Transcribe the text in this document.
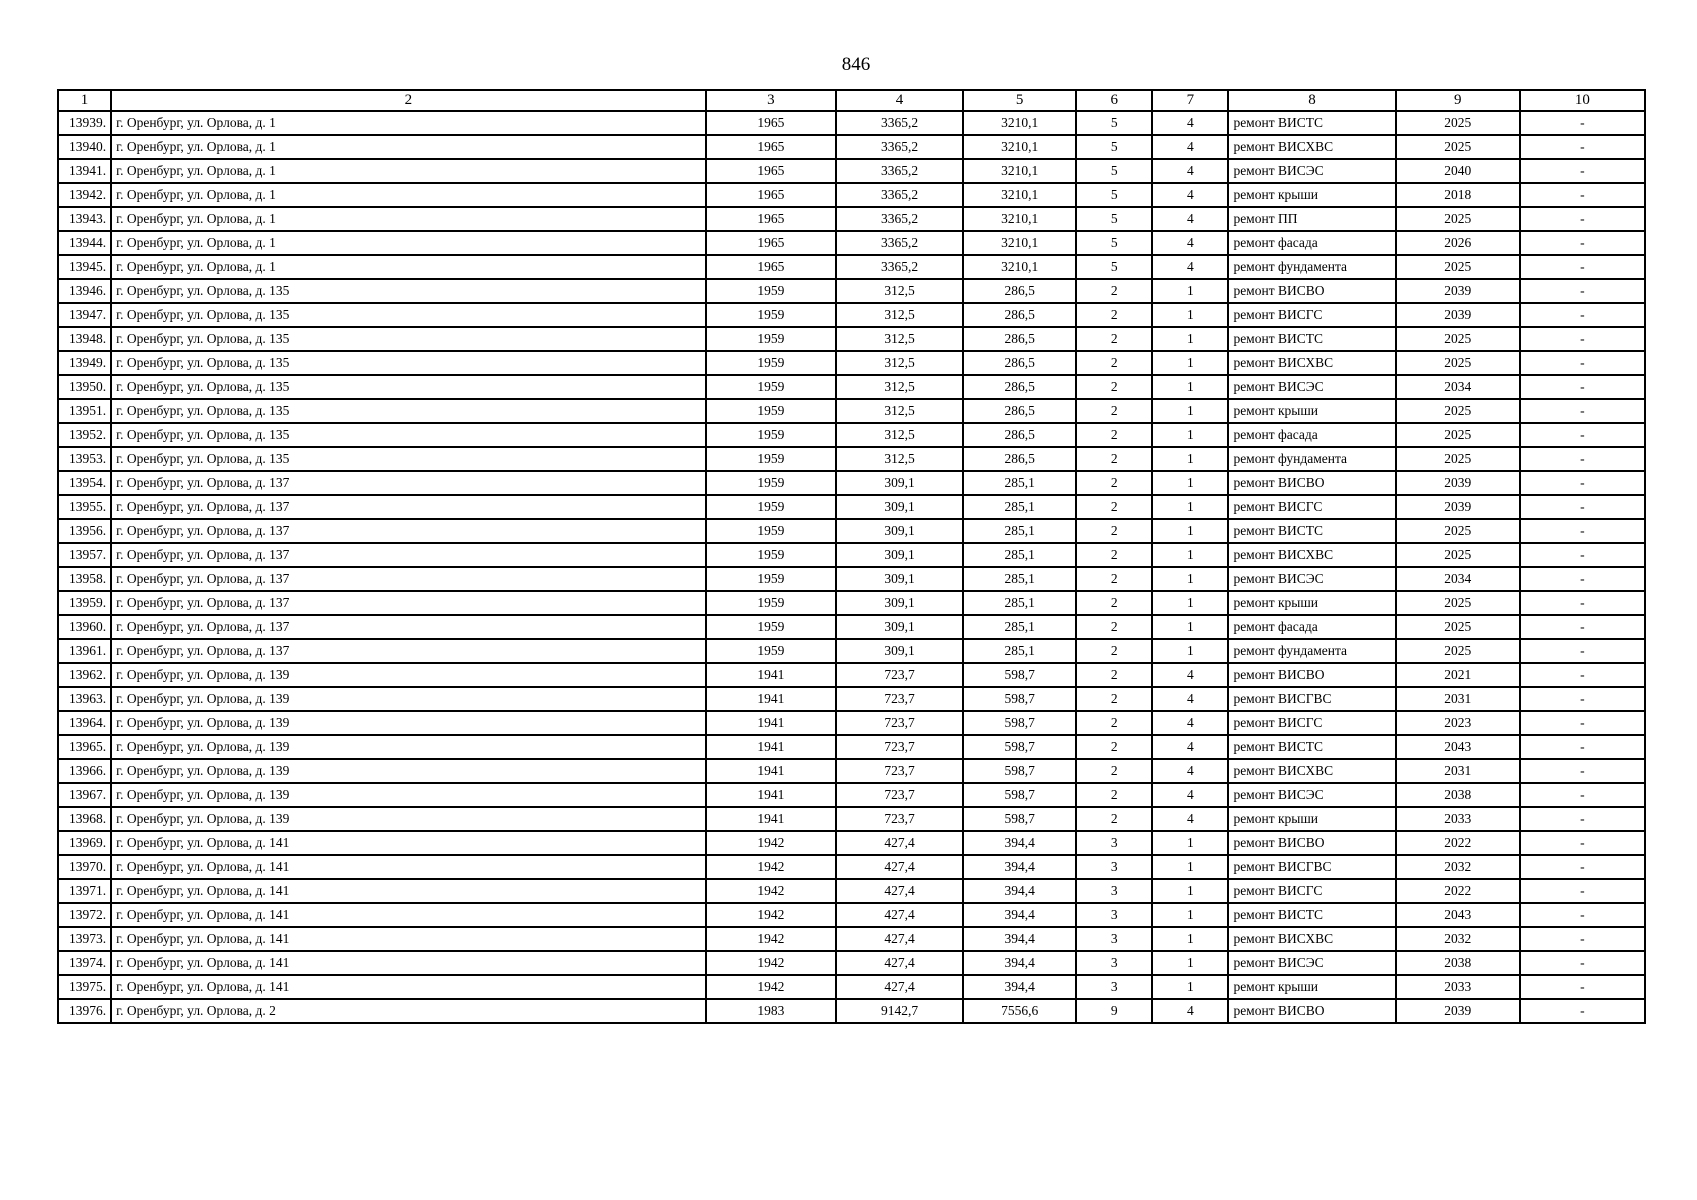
846
1	2	3	4	5	6	7	8	9	10
13939.	г. Оренбург, ул. Орлова, д. 1	1965	3365,2	3210,1	5	4	ремонт ВИСТС	2025	-
13940.	г. Оренбург, ул. Орлова, д. 1	1965	3365,2	3210,1	5	4	ремонт ВИСХВС	2025	-
13941.	г. Оренбург, ул. Орлова, д. 1	1965	3365,2	3210,1	5	4	ремонт ВИСЭС	2040	-
13942.	г. Оренбург, ул. Орлова, д. 1	1965	3365,2	3210,1	5	4	ремонт крыши	2018	-
13943.	г. Оренбург, ул. Орлова, д. 1	1965	3365,2	3210,1	5	4	ремонт ПП	2025	-
13944.	г. Оренбург, ул. Орлова, д. 1	1965	3365,2	3210,1	5	4	ремонт фасада	2026	-
13945.	г. Оренбург, ул. Орлова, д. 1	1965	3365,2	3210,1	5	4	ремонт фундамента	2025	-
13946.	г. Оренбург, ул. Орлова, д. 135	1959	312,5	286,5	2	1	ремонт ВИСВО	2039	-
13947.	г. Оренбург, ул. Орлова, д. 135	1959	312,5	286,5	2	1	ремонт ВИСГС	2039	-
13948.	г. Оренбург, ул. Орлова, д. 135	1959	312,5	286,5	2	1	ремонт ВИСТС	2025	-
13949.	г. Оренбург, ул. Орлова, д. 135	1959	312,5	286,5	2	1	ремонт ВИСХВС	2025	-
13950.	г. Оренбург, ул. Орлова, д. 135	1959	312,5	286,5	2	1	ремонт ВИСЭС	2034	-
13951.	г. Оренбург, ул. Орлова, д. 135	1959	312,5	286,5	2	1	ремонт крыши	2025	-
13952.	г. Оренбург, ул. Орлова, д. 135	1959	312,5	286,5	2	1	ремонт фасада	2025	-
13953.	г. Оренбург, ул. Орлова, д. 135	1959	312,5	286,5	2	1	ремонт фундамента	2025	-
13954.	г. Оренбург, ул. Орлова, д. 137	1959	309,1	285,1	2	1	ремонт ВИСВО	2039	-
13955.	г. Оренбург, ул. Орлова, д. 137	1959	309,1	285,1	2	1	ремонт ВИСГС	2039	-
13956.	г. Оренбург, ул. Орлова, д. 137	1959	309,1	285,1	2	1	ремонт ВИСТС	2025	-
13957.	г. Оренбург, ул. Орлова, д. 137	1959	309,1	285,1	2	1	ремонт ВИСХВС	2025	-
13958.	г. Оренбург, ул. Орлова, д. 137	1959	309,1	285,1	2	1	ремонт ВИСЭС	2034	-
13959.	г. Оренбург, ул. Орлова, д. 137	1959	309,1	285,1	2	1	ремонт крыши	2025	-
13960.	г. Оренбург, ул. Орлова, д. 137	1959	309,1	285,1	2	1	ремонт фасада	2025	-
13961.	г. Оренбург, ул. Орлова, д. 137	1959	309,1	285,1	2	1	ремонт фундамента	2025	-
13962.	г. Оренбург, ул. Орлова, д. 139	1941	723,7	598,7	2	4	ремонт ВИСВО	2021	-
13963.	г. Оренбург, ул. Орлова, д. 139	1941	723,7	598,7	2	4	ремонт ВИСГВС	2031	-
13964.	г. Оренбург, ул. Орлова, д. 139	1941	723,7	598,7	2	4	ремонт ВИСГС	2023	-
13965.	г. Оренбург, ул. Орлова, д. 139	1941	723,7	598,7	2	4	ремонт ВИСТС	2043	-
13966.	г. Оренбург, ул. Орлова, д. 139	1941	723,7	598,7	2	4	ремонт ВИСХВС	2031	-
13967.	г. Оренбург, ул. Орлова, д. 139	1941	723,7	598,7	2	4	ремонт ВИСЭС	2038	-
13968.	г. Оренбург, ул. Орлова, д. 139	1941	723,7	598,7	2	4	ремонт крыши	2033	-
13969.	г. Оренбург, ул. Орлова, д. 141	1942	427,4	394,4	3	1	ремонт ВИСВО	2022	-
13970.	г. Оренбург, ул. Орлова, д. 141	1942	427,4	394,4	3	1	ремонт ВИСГВС	2032	-
13971.	г. Оренбург, ул. Орлова, д. 141	1942	427,4	394,4	3	1	ремонт ВИСГС	2022	-
13972.	г. Оренбург, ул. Орлова, д. 141	1942	427,4	394,4	3	1	ремонт ВИСТС	2043	-
13973.	г. Оренбург, ул. Орлова, д. 141	1942	427,4	394,4	3	1	ремонт ВИСХВС	2032	-
13974.	г. Оренбург, ул. Орлова, д. 141	1942	427,4	394,4	3	1	ремонт ВИСЭС	2038	-
13975.	г. Оренбург, ул. Орлова, д. 141	1942	427,4	394,4	3	1	ремонт крыши	2033	-
13976.	г. Оренбург, ул. Орлова, д. 2	1983	9142,7	7556,6	9	4	ремонт ВИСВО	2039	-
